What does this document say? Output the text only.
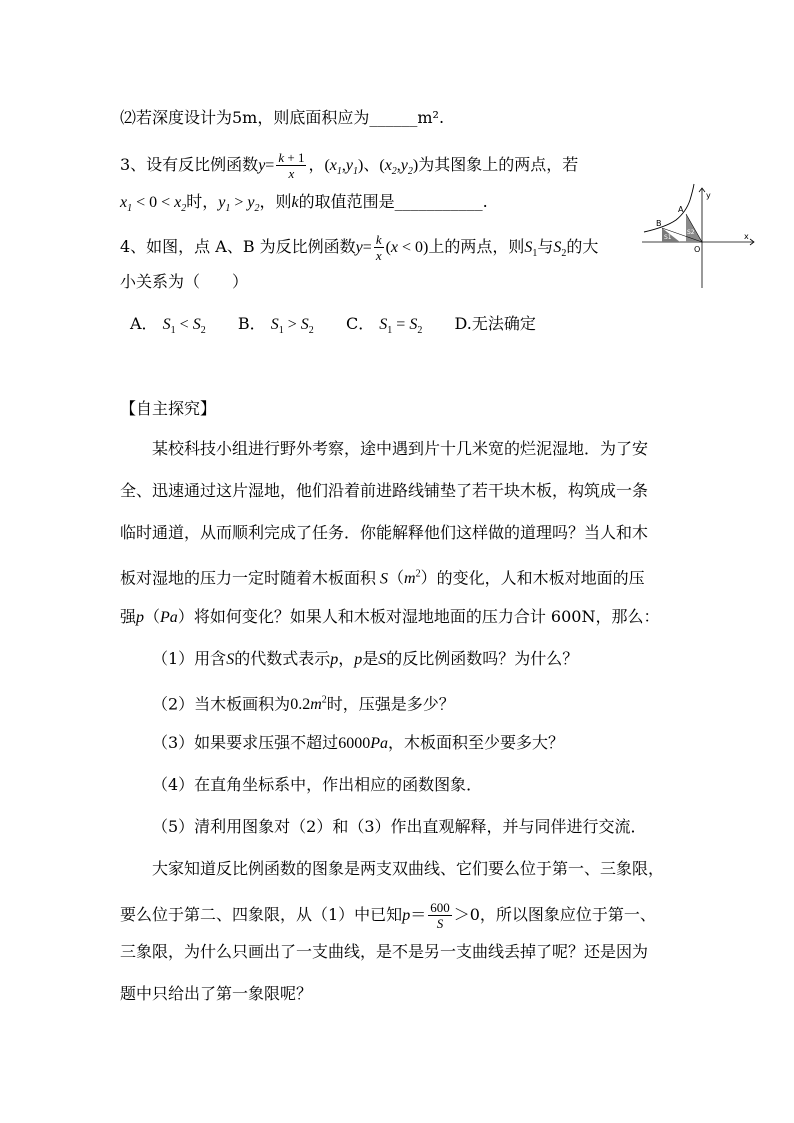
⑵若深度设计为5m，则底面积应为______m².
3、设有反比例函数$y= \frac{k + 1}{x}$ ，$(x_1,y_1)$、$(x_2,y_2)$为其图象上的两点，若
$x_1 < 0 < x_2$时，$y_1 > y_2$，则k的取值范围是___________.
4、如图，点 A、B 为反比例函数$y= \frac{k}{x} (x < 0)$上的两点，则$S_1$与$S_2$的大
小关系为（　　）
A． $S_1 < S_2$ B． $S_1 > S_2$ C． $S_1 = S_2$ D.无法确定
y
x
O
A
B
S1
S2
【自主探究】
某校科技小组进行野外考察，途中遇到片十几米宽的烂泥湿地．为了安
全、迅速通过这片湿地，他们沿着前进路线铺垫了若干块木板，构筑成一条
临时通道，从而顺利完成了任务．你能解释他们这样做的道理吗？当人和木
板对湿地的压力一定时随着木板面积 $S(m^2)$的变化，人和木板对地面的压
强p（Pa）将如何变化？如果人和木板对湿地地面的压力合计 600N，那么：
（1）用含S的代数式表示p，p是S的反比例函数吗？为什么？
（2）当木板画积为$0.2m^2$时，压强是多少？
（3）如果要求压强不超过6000Pa，木板面积至少要多大？
（4）在直角坐标系中，作出相应的函数图象．
（5）清利用图象对（2）和（3）作出直观解释，并与同伴进行交流．
大家知道反比例函数的图象是两支双曲线、它们要么位于第一、三象限，
要么位于第二、四象限，从（1）中已知$p= \frac{600}{S} >0$，所以图象应位于第一、
三象限，为什么只画出了一支曲线，是不是另一支曲线丢掉了呢？还是因为
题中只给出了第一象限呢？
